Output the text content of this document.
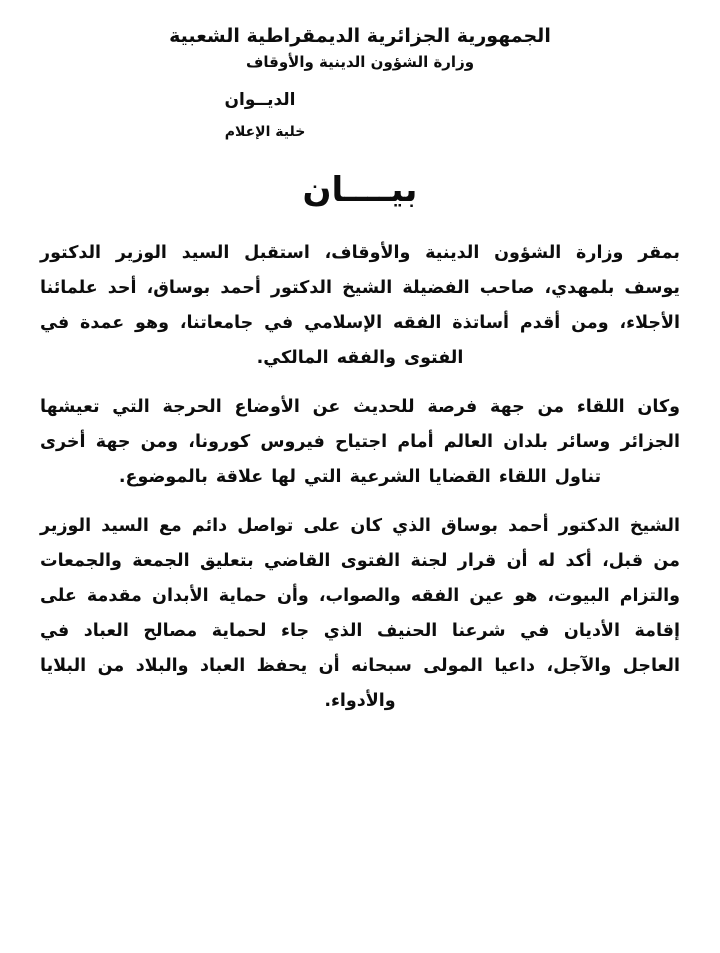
الجمهورية الجزائرية الديمقراطية الشعبية
وزارة الشؤون الدينية والأوقاف
الديــوان
خلية الإعلام
بيــــان

بمقر وزارة الشؤون الدينية والأوقاف، استقبل السيد الوزير الدكتور يوسف بلمهدي، صاحب الفضيلة الشيخ الدكتور أحمد بوساق، أحد علمائنا الأجلاء، ومن أقدم أساتذة الفقه الإسلامي في جامعاتنا، وهو عمدة في الفتوى والفقه المالكي.

وكان اللقاء من جهة فرصة للحديث عن الأوضاع الحرجة التي تعيشها الجزائر وسائر بلدان العالم أمام اجتياح فيروس كورونا، ومن جهة أخرى تناول اللقاء القضايا الشرعية التي لها علاقة بالموضوع.

الشيخ الدكتور أحمد بوساق الذي كان على تواصل دائم مع السيد الوزير من قبل، أكد له أن قرار لجنة الفتوى القاضي بتعليق الجمعة والجمعات والتزام البيوت، هو عين الفقه والصواب، وأن حماية الأبدان مقدمة على إقامة الأديان في شرعنا الحنيف الذي جاء لحماية مصالح العباد في العاجل والآجل، داعيا المولى سبحانه أن يحفظ العباد والبلاد من البلايا والأدواء.
